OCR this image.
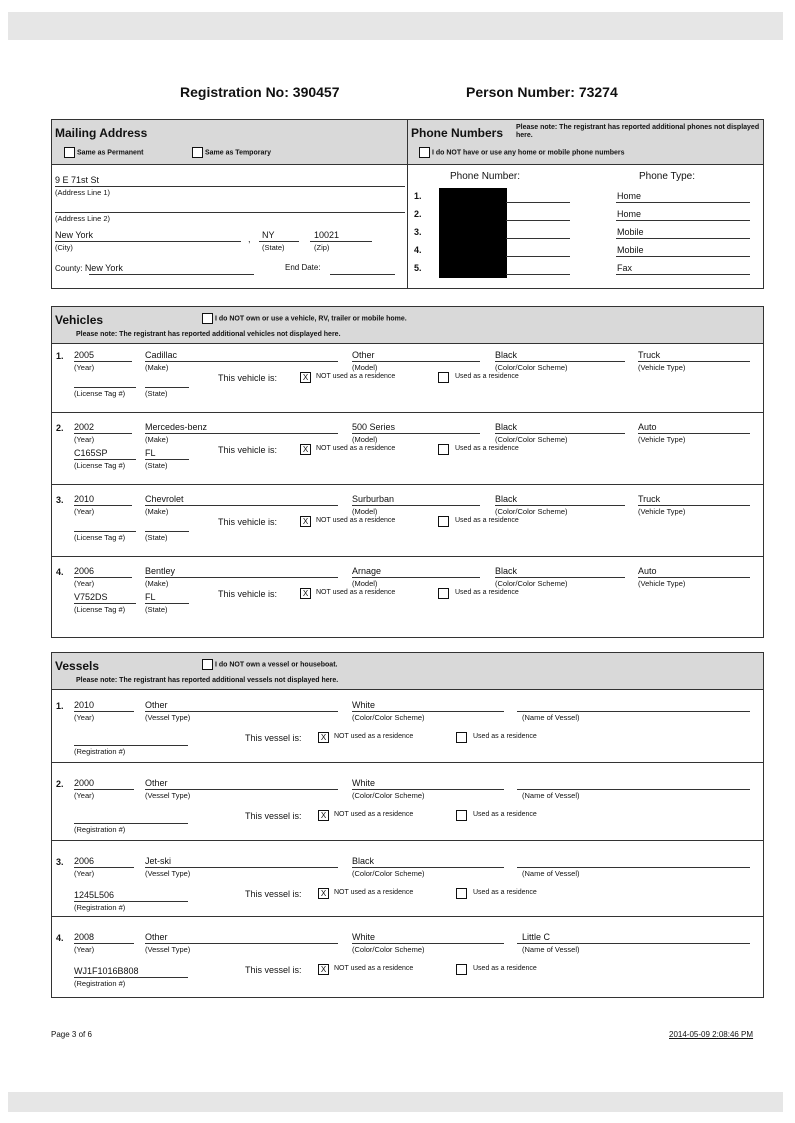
Registration No: 390457	Person Number: 73274
Mailing Address
Same as Permanent	Same as Temporary
9 E 71st St
(Address Line 1)
(Address Line 2)
New York	, NY	10021
(City)	(State)	(Zip)
County: New York	End Date:
Phone Numbers Please note: The registrant has reported additional phones not displayed here.
I do NOT have or use any home or mobile phone numbers
Phone Number:	Phone Type:
Vehicles	I do NOT own or use a vehicle, RV, trailer or mobile home.
Please note: The registrant has reported additional vehicles not displayed here.
Vessels	I do NOT own a vessel or houseboat.
Please note: The registrant has reported additional vessels not displayed here.
Page 3 of 6	2014-05-09 2:08:46 PM
1.	Home
2.	Home
3.	Mobile
4.	Mobile
5.	Fax
1. 2005
(Year)
Cadillac
(Make)
Other
(Model)
Black
(Color/Color Scheme)
Truck
(Vehicle Type)
(License Tag #)	(State)
This vehicle is:	X	NOT used as a residence	Used as a residence
2. 2002
(Year)
Mercedes-benz
(Make)
500 Series
(Model)
Black
(Color/Color Scheme)
Auto
(Vehicle Type)
C165SP
(License Tag #)
FL
(State)
This vehicle is:	X	NOT used as a residence	Used as a residence
3. 2010
(Year)
Chevrolet
(Make)
Surburban
(Model)
Black
(Color/Color Scheme)
Truck
(Vehicle Type)
(License Tag #)	(State)
This vehicle is:	X	NOT used as a residence	Used as a residence
4. 2006
(Year)
Bentley
(Make)
Arnage
(Model)
Black
(Color/Color Scheme)
Auto
(Vehicle Type)
V752DS
(License Tag #)
FL
(State)
This vehicle is:	X	NOT used as a residence	Used as a residence
1. 2010
(Year)
Other
(Vessel Type)
White
(Color/Color Scheme)	(Name of Vessel)
(Registration #)
This vessel is:	X	NOT used as a residence	Used as a residence
2. 2000
(Year)
Other
(Vessel Type)
White
(Color/Color Scheme)	(Name of Vessel)
(Registration #)
This vessel is:	X	NOT used as a residence	Used as a residence
3. 2006
(Year)
Jet-ski
(Vessel Type)
Black
(Color/Color Scheme)	(Name of Vessel)
1245L506
(Registration #)
This vessel is:	X	NOT used as a residence	Used as a residence
4. 2008
(Year)
Other
(Vessel Type)
White
(Color/Color Scheme)
Little C
(Name of Vessel)
WJ1F1016B808
(Registration #)
This vessel is:	X	NOT used as a residence	Used as a residence
